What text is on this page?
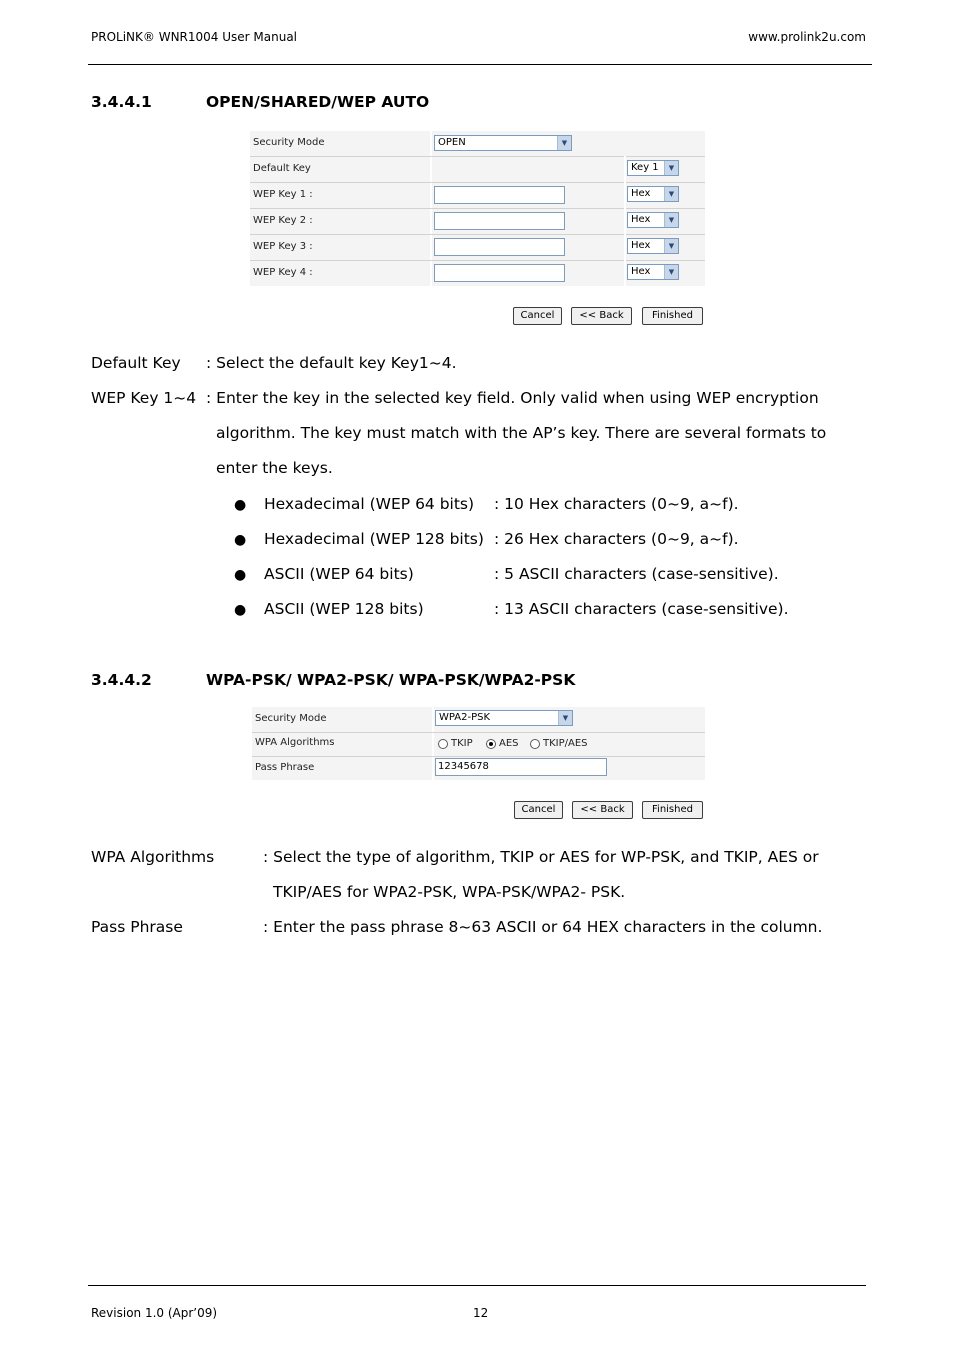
PROLiNK® WNR1004 User Manual	www.prolink2u.com
3.4.4.1	OPEN/SHARED/WEP AUTO
Security Mode	OPEN	▼
Default Key	Key 1	▼
WEP Key 1 :	Hex	▼
WEP Key 2 :	Hex	▼
WEP Key 3 :	Hex	▼
WEP Key 4 :	Hex	▼
Cancel	<< Back	Finished
Default Key : Select the default key Key1~4.
WEP Key 1~4 : Enter the key in the selected key field. Only valid when using WEP encryption
algorithm. The key must match with the AP’s key. There are several formats to
enter the keys.
● Hexadecimal (WEP 64 bits) : 10 Hex characters (0~9, a~f).
● Hexadecimal (WEP 128 bits) : 26 Hex characters (0~9, a~f).
● ASCII (WEP 64 bits)	: 5 ASCII characters (case-sensitive).
● ASCII (WEP 128 bits)	: 13 ASCII characters (case-sensitive).
3.4.4.2	WPA-PSK/ WPA2-PSK/ WPA-PSK/WPA2-PSK
Security Mode	WPA2-PSK	▼
WPA Algorithms	TKIP	AES TKIP/AES
Pass Phrase	12345678
Cancel	<< Back	Finished
WPA Algorithms	: Select the type of algorithm, TKIP or AES for WP-PSK, and TKIP, AES or
TKIP/AES for WPA2-PSK, WPA-PSK/WPA2- PSK.
Pass Phrase	: Enter the pass phrase 8~63 ASCII or 64 HEX characters in the column.
Revision 1.0 (Apr’09)	12
